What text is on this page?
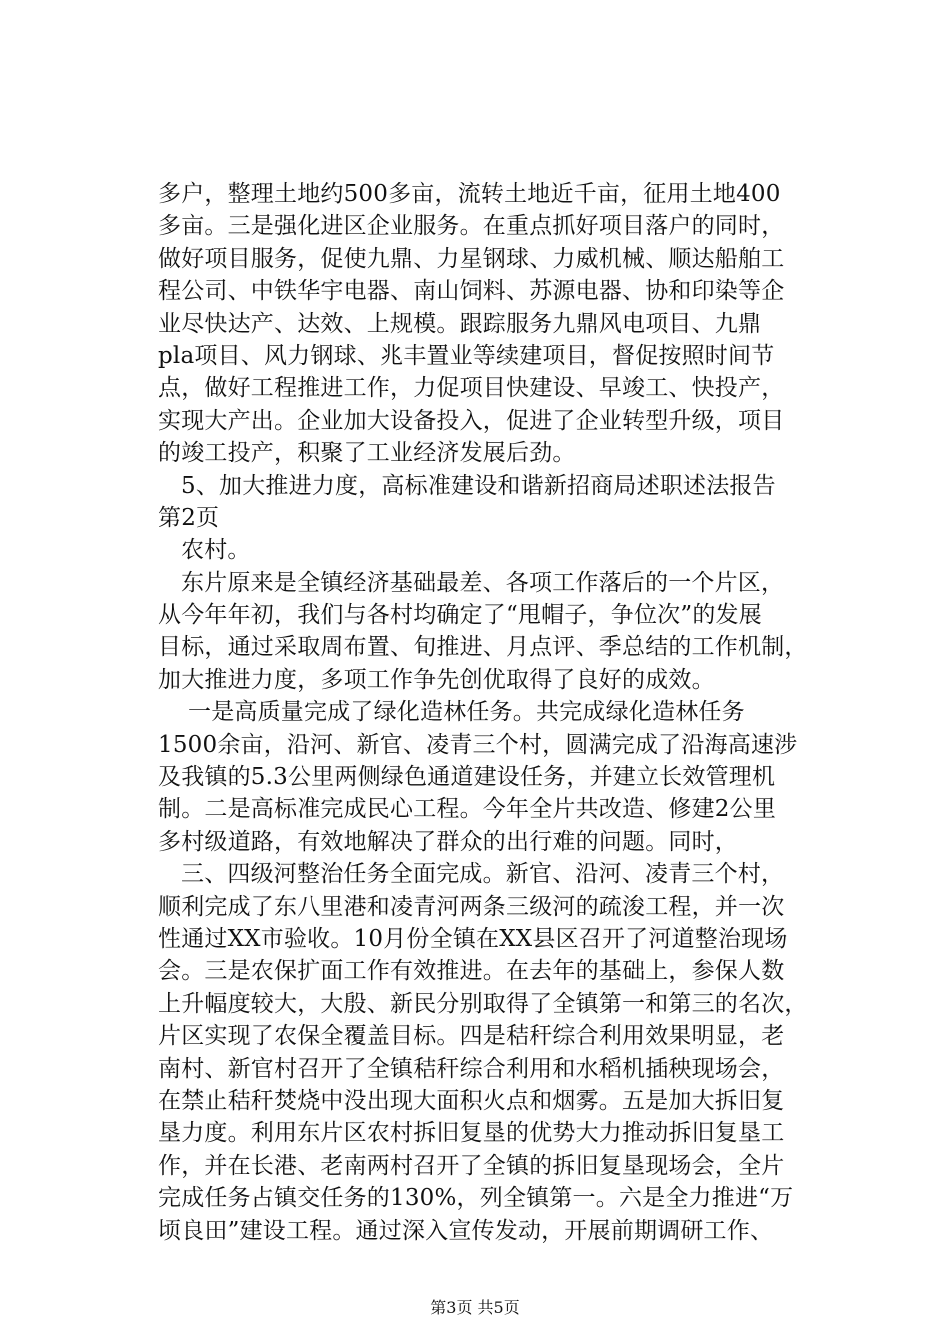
多户，整理土地约500多亩，流转土地近千亩，征用土地400
多亩。三是强化进区企业服务。在重点抓好项目落户的同时，
做好项目服务，促使九鼎、力星钢球、力威机械、顺达船舶工
程公司、中铁华宇电器、南山饲料、苏源电器、协和印染等企
业尽快达产、达效、上规模。跟踪服务九鼎风电项目、九鼎
pla项目、风力钢球、兆丰置业等续建项目，督促按照时间节
点，做好工程推进工作，力促项目快建设、早竣工、快投产，
实现大产出。企业加大设备投入，促进了企业转型升级，项目
的竣工投产，积聚了工业经济发展后劲。
5、加大推进力度，高标准建设和谐新招商局述职述法报告
第2页
农村。
东片原来是全镇经济基础最差、各项工作落后的一个片区，
从今年年初，我们与各村均确定了“甩帽子，争位次”的发展
目标，通过采取周布置、旬推进、月点评、季总结的工作机制，
加大推进力度，多项工作争先创优取得了良好的成效。
一是高质量完成了绿化造林任务。共完成绿化造林任务
1500余亩，沿河、新官、凌青三个村，圆满完成了沿海高速涉
及我镇的5.3公里两侧绿色通道建设任务，并建立长效管理机
制。二是高标准完成民心工程。今年全片共改造、修建2公里
多村级道路，有效地解决了群众的出行难的问题。同时，
三、四级河整治任务全面完成。新官、沿河、凌青三个村，
顺利完成了东八里港和凌青河两条三级河的疏浚工程，并一次
性通过XX市验收。10月份全镇在XX县区召开了河道整治现场
会。三是农保扩面工作有效推进。在去年的基础上，参保人数
上升幅度较大，大殷、新民分别取得了全镇第一和第三的名次，
片区实现了农保全覆盖目标。四是秸秆综合利用效果明显，老
南村、新官村召开了全镇秸秆综合利用和水稻机插秧现场会，
在禁止秸秆焚烧中没出现大面积火点和烟雾。五是加大拆旧复
垦力度。利用东片区农村拆旧复垦的优势大力推动拆旧复垦工
作，并在长港、老南两村召开了全镇的拆旧复垦现场会，全片
完成任务占镇交任务的130%，列全镇第一。六是全力推进“万
顷良田”建设工程。通过深入宣传发动，开展前期调研工作、
第3页 共5页
